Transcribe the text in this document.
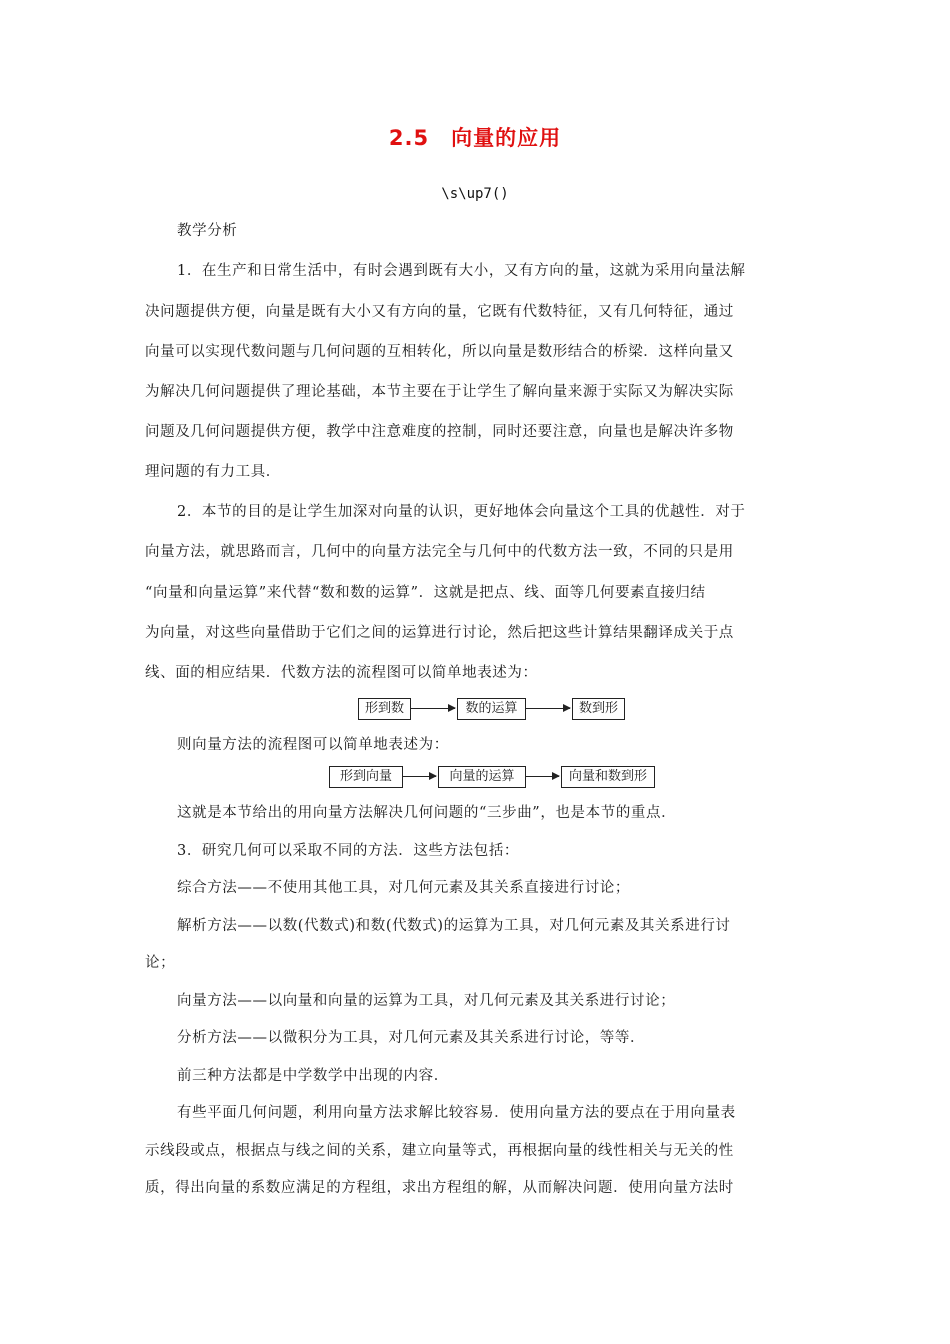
2.5　向量的应用
\s\up7()
教学分析
1．在生产和日常生活中，有时会遇到既有大小，又有方向的量，这就为采用向量法解
决问题提供方便，向量是既有大小又有方向的量，它既有代数特征，又有几何特征，通过
向量可以实现代数问题与几何问题的互相转化，所以向量是数形结合的桥梁．这样向量又
为解决几何问题提供了理论基础，本节主要在于让学生了解向量来源于实际又为解决实际
问题及几何问题提供方便，教学中注意难度的控制，同时还要注意，向量也是解决许多物
理问题的有力工具．
2．本节的目的是让学生加深对向量的认识，更好地体会向量这个工具的优越性．对于
向量方法，就思路而言，几何中的向量方法完全与几何中的代数方法一致，不同的只是用
“向量和向量运算”来代替“数和数的运算”．这就是把点、线、面等几何要素直接归结
为向量，对这些向量借助于它们之间的运算进行讨论，然后把这些计算结果翻译成关于点
线、面的相应结果．代数方法的流程图可以简单地表述为：
形到数	数的运算	数到形
则向量方法的流程图可以简单地表述为：
形到向量	向量的运算	向量和数到形
这就是本节给出的用向量方法解决几何问题的“三步曲”，也是本节的重点．
3．研究几何可以采取不同的方法．这些方法包括：
综合方法——不使用其他工具，对几何元素及其关系直接进行讨论；
解析方法——以数(代数式)和数(代数式)的运算为工具，对几何元素及其关系进行讨
论；
向量方法——以向量和向量的运算为工具，对几何元素及其关系进行讨论；
分析方法——以微积分为工具，对几何元素及其关系进行讨论，等等．
前三种方法都是中学数学中出现的内容．
有些平面几何问题，利用向量方法求解比较容易．使用向量方法的要点在于用向量表
示线段或点，根据点与线之间的关系，建立向量等式，再根据向量的线性相关与无关的性
质，得出向量的系数应满足的方程组，求出方程组的解，从而解决问题．使用向量方法时
